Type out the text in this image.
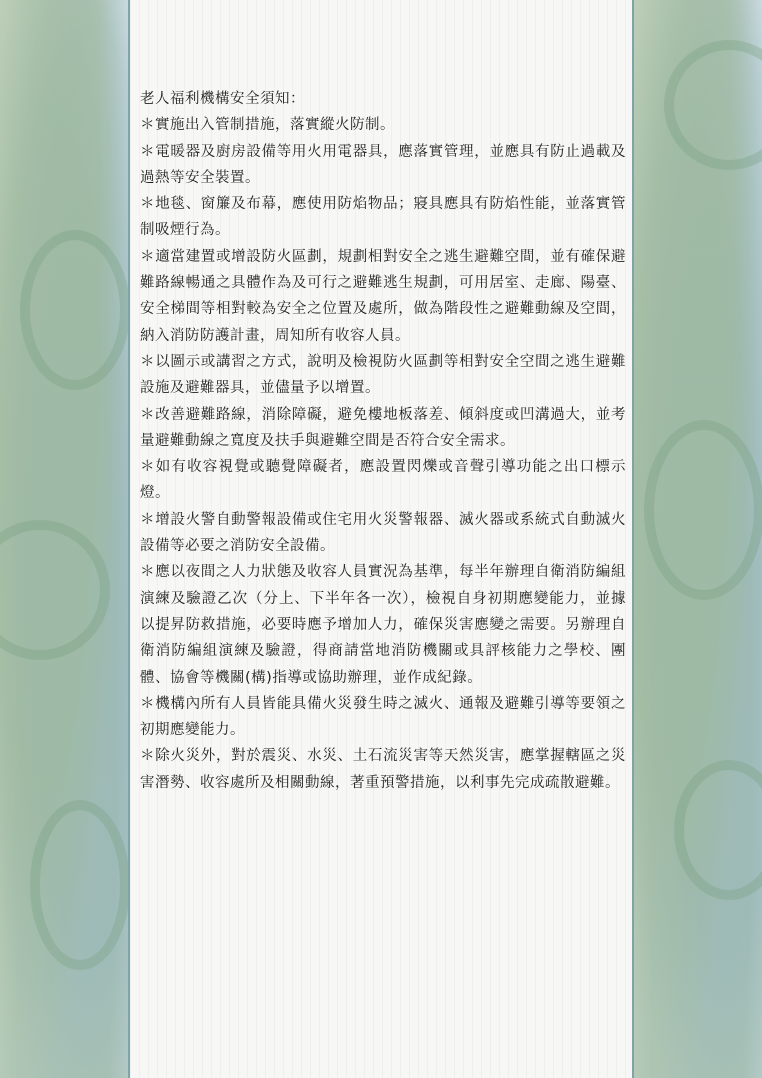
老人福利機構安全須知：

＊實施出入管制措施，落實縱火防制。

＊電暖器及廚房設備等用火用電器具，應落實管理，並應具有防止過載及過熱等安全裝置。

＊地毯、窗簾及布幕，應使用防焰物品；寢具應具有防焰性能，並落實管制吸煙行為。

＊適當建置或增設防火區劃，規劃相對安全之逃生避難空間，並有確保避難路線暢通之具體作為及可行之避難逃生規劃，可用居室、走廊、陽臺、安全梯間等相對較為安全之位置及處所，做為階段性之避難動線及空間，納入消防防護計畫，周知所有收容人員。

＊以圖示或講習之方式，說明及檢視防火區劃等相對安全空間之逃生避難設施及避難器具，並儘量予以增置。

＊改善避難路線，消除障礙，避免樓地板落差、傾斜度或凹溝過大，並考量避難動線之寬度及扶手與避難空間是否符合安全需求。

＊如有收容視覺或聽覺障礙者，應設置閃爍或音聲引導功能之出口標示燈。

＊增設火警自動警報設備或住宅用火災警報器、滅火器或系統式自動滅火設備等必要之消防安全設備。

＊應以夜間之人力狀態及收容人員實況為基準，每半年辦理自衛消防編組演練及驗證乙次（分上、下半年各一次），檢視自身初期應變能力，並據以提昇防救措施，必要時應予增加人力，確保災害應變之需要。另辦理自衛消防編組演練及驗證，得商請當地消防機關或具評核能力之學校、團體、協會等機關(構)指導或協助辦理，並作成紀錄。

＊機構內所有人員皆能具備火災發生時之滅火、通報及避難引導等要領之初期應變能力。

＊除火災外，對於震災、水災、土石流災害等天然災害，應掌握轄區之災害潛勢、收容處所及相關動線，著重預警措施，以利事先完成疏散避難。
